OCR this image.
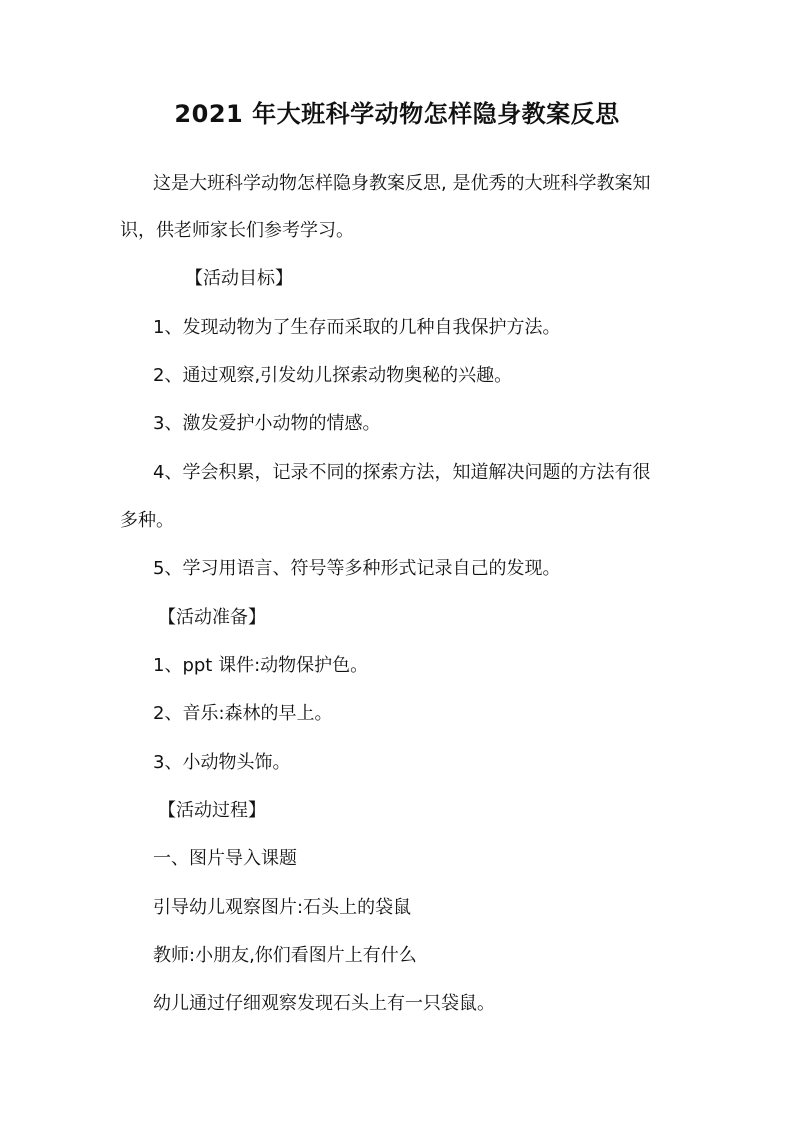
2021 年大班科学动物怎样隐身教案反思
这是大班科学动物怎样隐身教案反思, 是优秀的大班科学教案知
识，供老师家长们参考学习。
【活动目标】
1、发现动物为了生存而采取的几种自我保护方法。
2、通过观察,引发幼儿探索动物奥秘的兴趣。
3、激发爱护小动物的情感。
4、学会积累，记录不同的探索方法，知道解决问题的方法有很
多种。
5、学习用语言、符号等多种形式记录自己的发现。
【活动准备】
1、ppt 课件:动物保护色。
2、音乐:森林的早上。
3、小动物头饰。
【活动过程】
一、图片导入课题
引导幼儿观察图片:石头上的袋鼠
教师:小朋友,你们看图片上有什么
幼儿通过仔细观察发现石头上有一只袋鼠。
